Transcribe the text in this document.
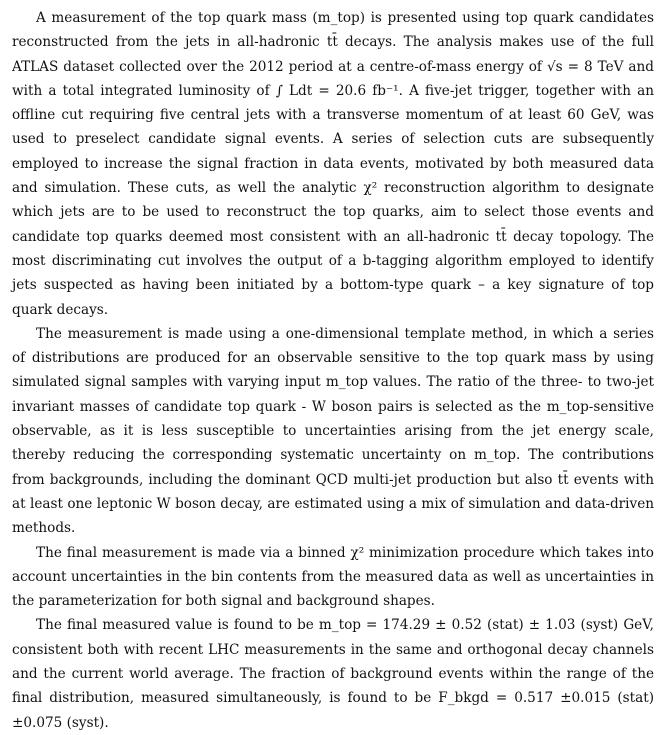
A measurement of the top quark mass (m_top) is presented using top quark candidates reconstructed from the jets in all-hadronic tt̄ decays. The analysis makes use of the full ATLAS dataset collected over the 2012 period at a centre-of-mass energy of √s = 8 TeV and with a total integrated luminosity of ∫ Ldt = 20.6 fb⁻¹. A five-jet trigger, together with an offline cut requiring five central jets with a transverse momentum of at least 60 GeV, was used to preselect candidate signal events. A series of selection cuts are subsequently employed to increase the signal fraction in data events, motivated by both measured data and simulation. These cuts, as well the analytic χ² reconstruction algorithm to designate which jets are to be used to reconstruct the top quarks, aim to select those events and candidate top quarks deemed most consistent with an all-hadronic tt̄ decay topology. The most discriminating cut involves the output of a b-tagging algorithm employed to identify jets suspected as having been initiated by a bottom-type quark – a key signature of top quark decays.

The measurement is made using a one-dimensional template method, in which a series of distributions are produced for an observable sensitive to the top quark mass by using simulated signal samples with varying input m_top values. The ratio of the three- to two-jet invariant masses of candidate top quark - W boson pairs is selected as the m_top-sensitive observable, as it is less susceptible to uncertainties arising from the jet energy scale, thereby reducing the corresponding systematic uncertainty on m_top. The contributions from backgrounds, including the dominant QCD multi-jet production but also tt̄ events with at least one leptonic W boson decay, are estimated using a mix of simulation and data-driven methods.

The final measurement is made via a binned χ² minimization procedure which takes into account uncertainties in the bin contents from the measured data as well as uncertainties in the parameterization for both signal and background shapes.

The final measured value is found to be m_top = 174.29 ± 0.52 (stat) ± 1.03 (syst) GeV, consistent both with recent LHC measurements in the same and orthogonal decay channels and the current world average. The fraction of background events within the range of the final distribution, measured simultaneously, is found to be F_bkgd = 0.517 ±0.015 (stat)±0.075 (syst).
